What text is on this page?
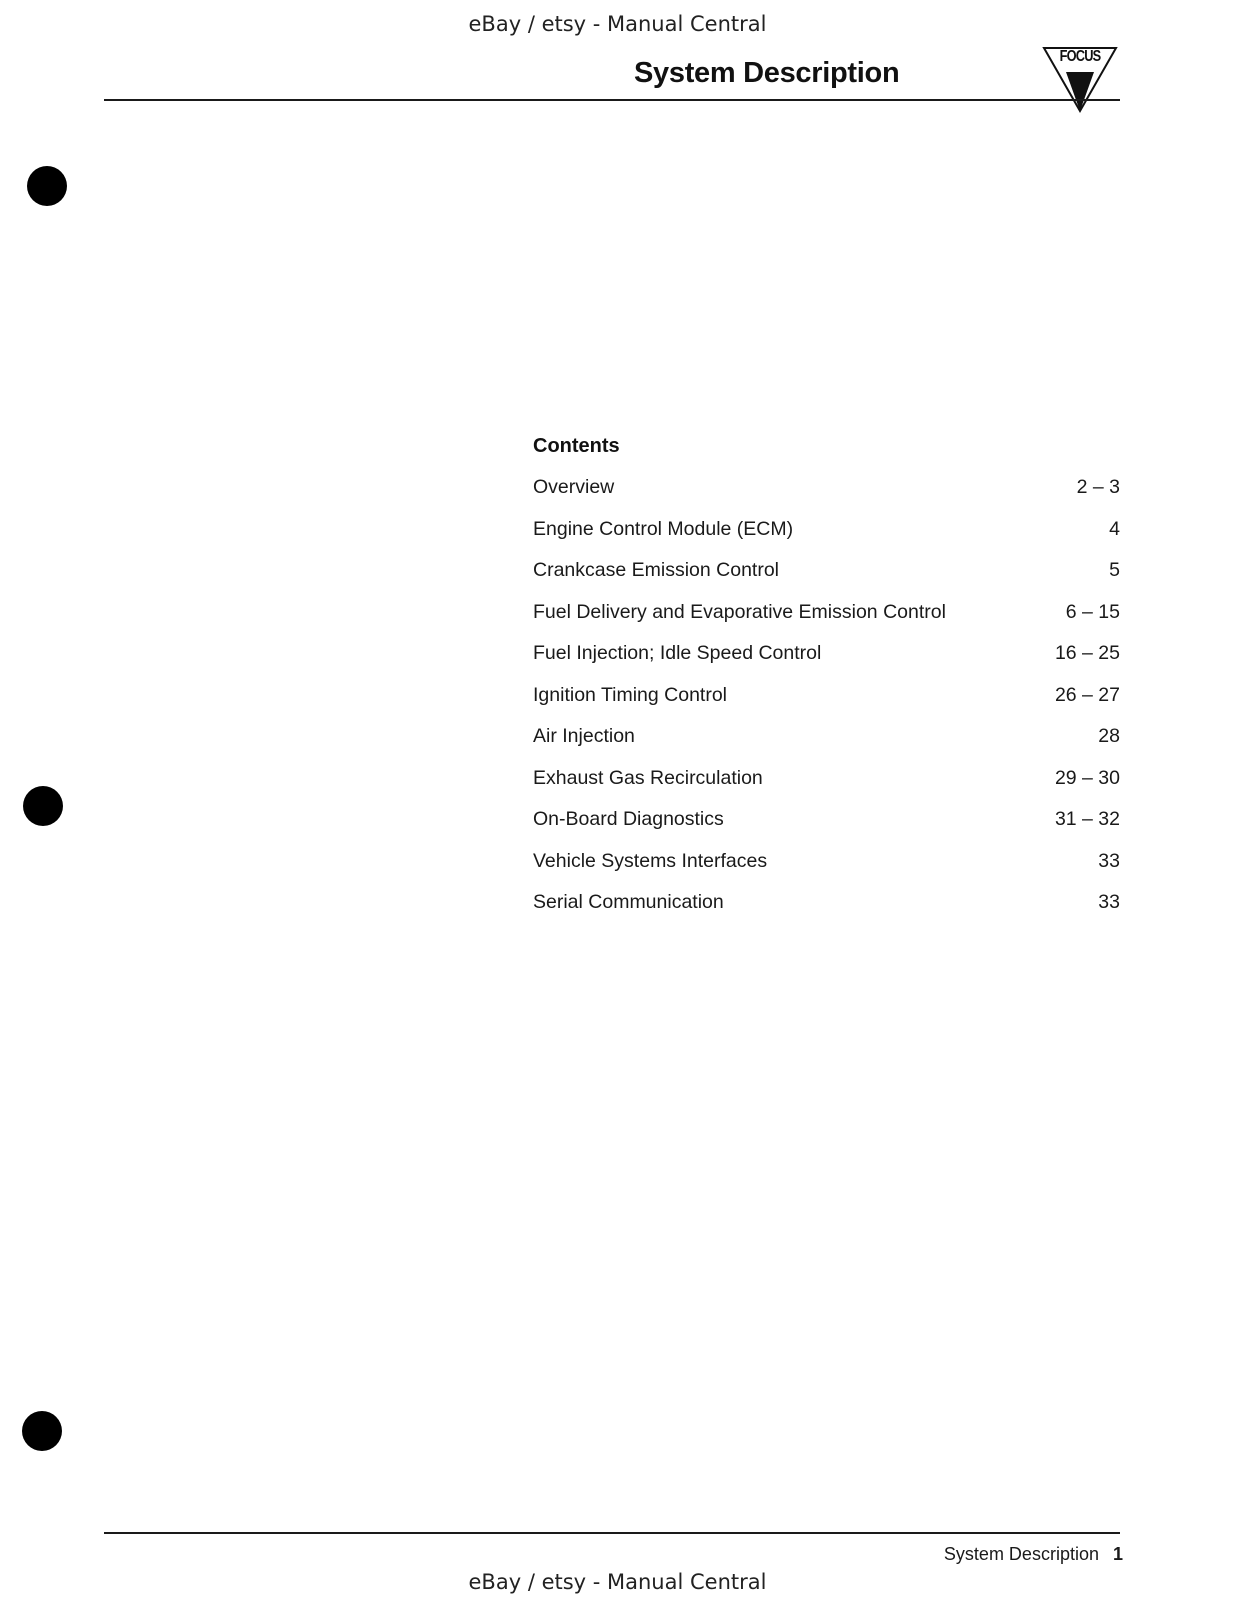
eBay / etsy - Manual Central
System Description
FOCUS
Contents
Overview	2 – 3
Engine Control Module (ECM)	4
Crankcase Emission Control	5
Fuel Delivery and Evaporative Emission Control	6 – 15
Fuel Injection; Idle Speed Control	16 – 25
Ignition Timing Control	26 – 27
Air Injection	28
Exhaust Gas Recirculation	29 – 30
On-Board Diagnostics	31 – 32
Vehicle Systems Interfaces	33
Serial Communication	33
System Description 1
eBay / etsy - Manual Central
